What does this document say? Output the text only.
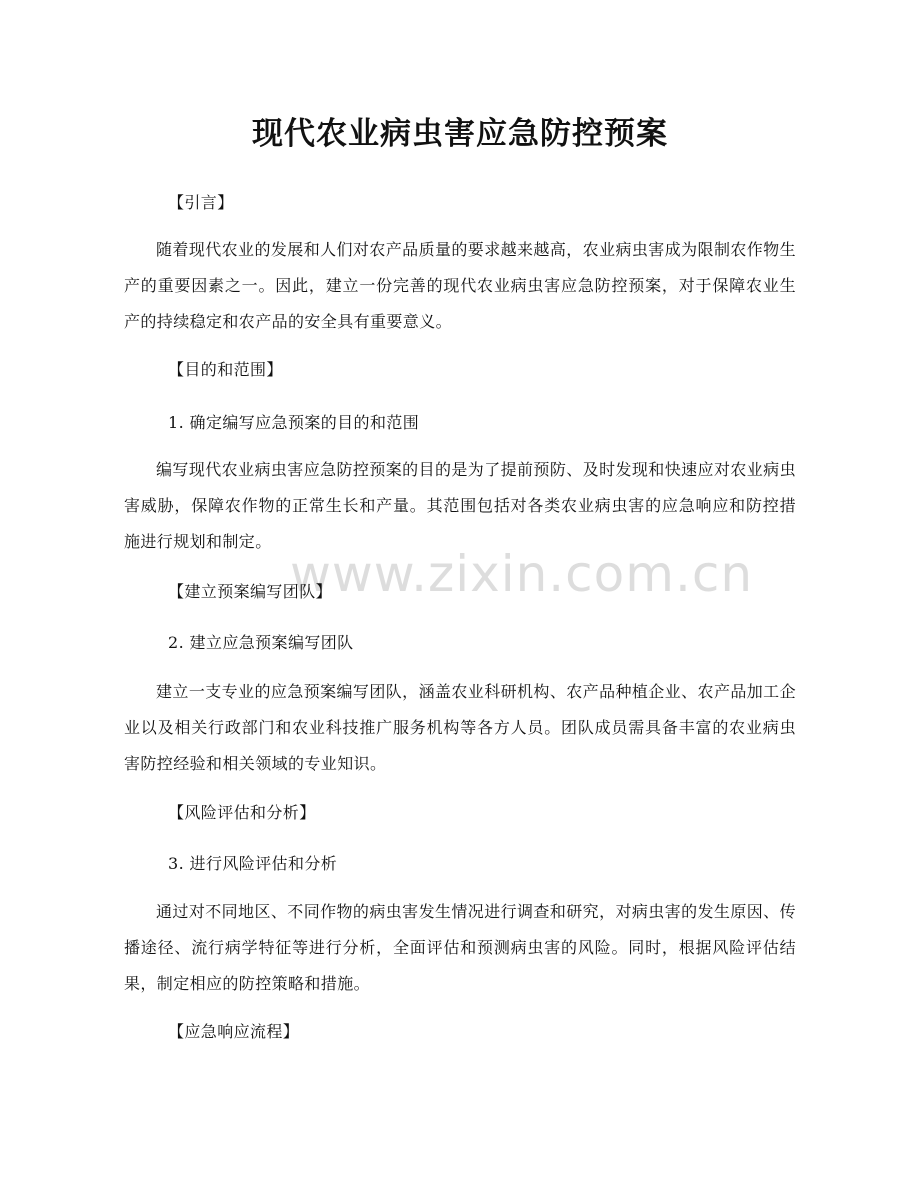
现代农业病虫害应急防控预案
【引言】

随着现代农业的发展和人们对农产品质量的要求越来越高，农业病虫害成为限制农作物生产的重要因素之一。因此，建立一份完善的现代农业病虫害应急防控预案，对于保障农业生产的持续稳定和农产品的安全具有重要意义。

【目的和范围】
1. 确定编写应急预案的目的和范围

编写现代农业病虫害应急防控预案的目的是为了提前预防、及时发现和快速应对农业病虫害威胁，保障农作物的正常生长和产量。其范围包括对各类农业病虫害的应急响应和防控措施进行规划和制定。

www.zixin.com.cn
【建立预案编写团队】
2. 建立应急预案编写团队

建立一支专业的应急预案编写团队，涵盖农业科研机构、农产品种植企业、农产品加工企业以及相关行政部门和农业科技推广服务机构等各方人员。团队成员需具备丰富的农业病虫害防控经验和相关领域的专业知识。

【风险评估和分析】
3. 进行风险评估和分析

通过对不同地区、不同作物的病虫害发生情况进行调查和研究，对病虫害的发生原因、传播途径、流行病学特征等进行分析，全面评估和预测病虫害的风险。同时，根据风险评估结果，制定相应的防控策略和措施。

【应急响应流程】
